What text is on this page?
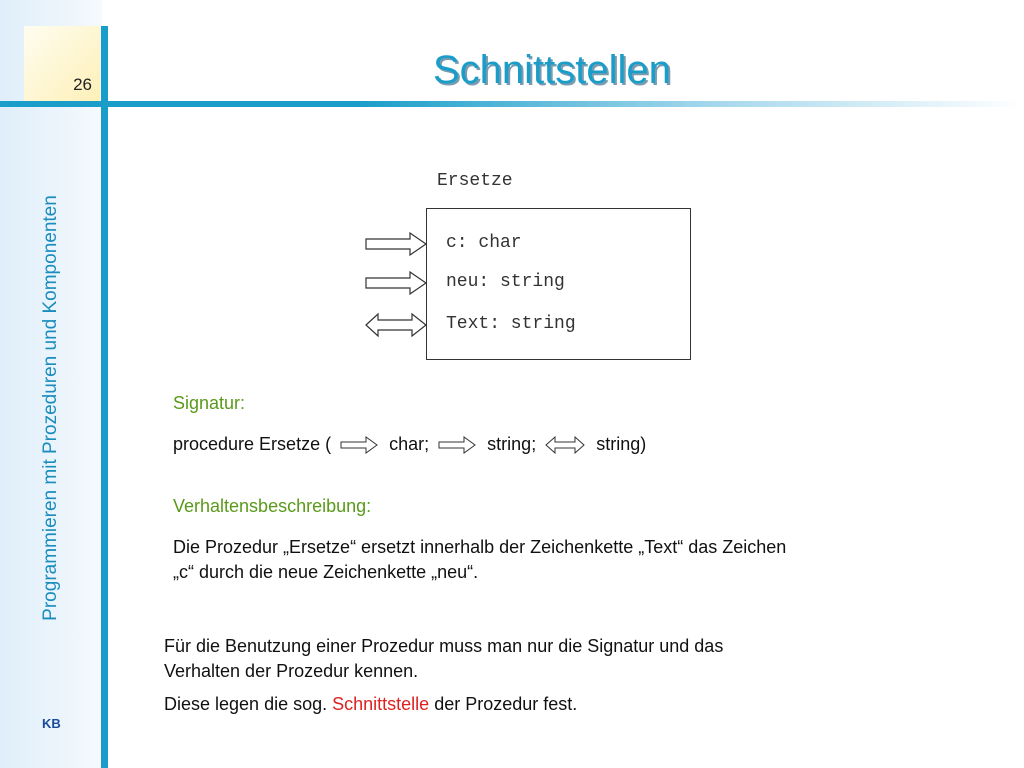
26
Programmieren mit Prozeduren und Komponenten
KB
Schnittstellen
Ersetze
c: char
neu: string
Text: string
Signatur:
procedure Ersetze (	char;	string;	string)
Verhaltensbeschreibung:
Die Prozedur „Ersetze“ ersetzt innerhalb der Zeichenkette „Text“ das Zeichen
„c“ durch die neue Zeichenkette „neu“.
Für die Benutzung einer Prozedur muss man nur die Signatur und das
Verhalten der Prozedur kennen.
Diese legen die sog. Schnittstelle der Prozedur fest.
